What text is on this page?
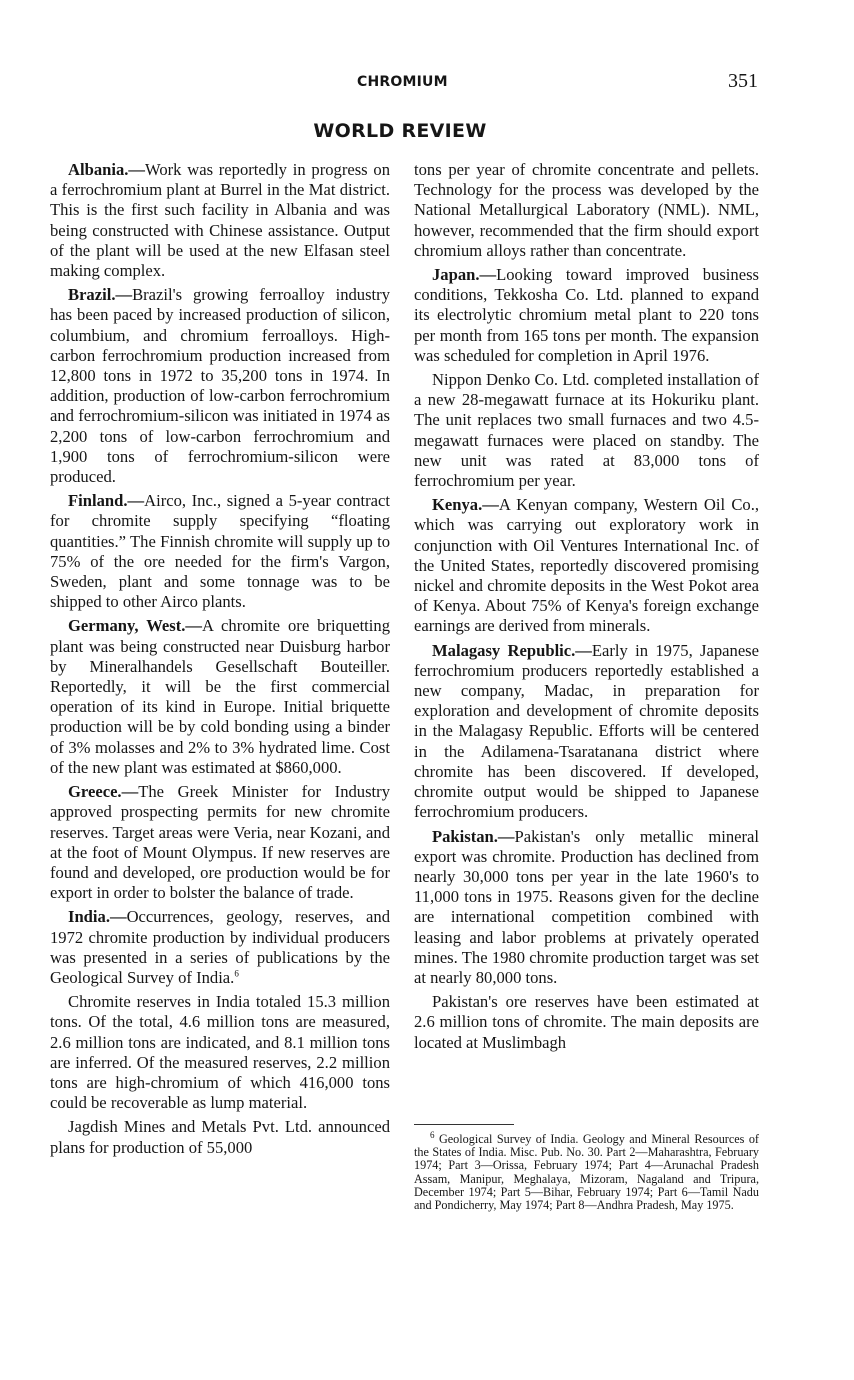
CHROMIUM	351
WORLD REVIEW

Albania.—Work was reportedly in progress on a ferrochromium plant at Burrel in the Mat district. This is the first such facility in Albania and was being constructed with Chinese assistance. Output of the plant will be used at the new Elfasan steel making complex.

Brazil.—Brazil's growing ferroalloy industry has been paced by increased production of silicon, columbium, and chromium ferroalloys. High-carbon ferrochromium production increased from 12,800 tons in 1972 to 35,200 tons in 1974. In addition, production of low-carbon ferrochromium and ferrochromium-silicon was initiated in 1974 as 2,200 tons of low-carbon ferrochromium and 1,900 tons of ferrochromium-silicon were produced.

Finland.—Airco, Inc., signed a 5-year contract for chromite supply specifying “floating quantities.” The Finnish chromite will supply up to 75% of the ore needed for the firm's Vargon, Sweden, plant and some tonnage was to be shipped to other Airco plants.

Germany, West.—A chromite ore briquetting plant was being constructed near Duisburg harbor by Mineralhandels Gesellschaft Bouteiller. Reportedly, it will be the first commercial operation of its kind in Europe. Initial briquette production will be by cold bonding using a binder of 3% molasses and 2% to 3% hydrated lime. Cost of the new plant was estimated at $860,000.

Greece.—The Greek Minister for Industry approved prospecting permits for new chromite reserves. Target areas were Veria, near Kozani, and at the foot of Mount Olympus. If new reserves are found and developed, ore production would be for export in order to bolster the balance of trade.

India.—Occurrences, geology, reserves, and 1972 chromite production by individual producers was presented in a series of publications by the Geological Survey of India.$^6$

Chromite reserves in India totaled 15.3 million tons. Of the total, 4.6 million tons are measured, 2.6 million tons are indicated, and 8.1 million tons are inferred. Of the measured reserves, 2.2 million tons are high-chromium of which 416,000 tons could be recoverable as lump material.

Jagdish Mines and Metals Pvt. Ltd. announced plans for production of 55,000

tons per year of chromite concentrate and pellets. Technology for the process was developed by the National Metallurgical Laboratory (NML). NML, however, recommended that the firm should export chromium alloys rather than concentrate.

Japan.—Looking toward improved business conditions, Tekkosha Co. Ltd. planned to expand its electrolytic chromium metal plant to 220 tons per month from 165 tons per month. The expansion was scheduled for completion in April 1976.

Nippon Denko Co. Ltd. completed installation of a new 28-megawatt furnace at its Hokuriku plant. The unit replaces two small furnaces and two 4.5-megawatt furnaces were placed on standby. The new unit was rated at 83,000 tons of ferrochromium per year.

Kenya.—A Kenyan company, Western Oil Co., which was carrying out exploratory work in conjunction with Oil Ventures International Inc. of the United States, reportedly discovered promising nickel and chromite deposits in the West Pokot area of Kenya. About 75% of Kenya's foreign exchange earnings are derived from minerals.

Malagasy Republic.—Early in 1975, Japanese ferrochromium producers reportedly established a new company, Madac, in preparation for exploration and development of chromite deposits in the Malagasy Republic. Efforts will be centered in the Adilamena-Tsaratanana district where chromite has been discovered. If developed, chromite output would be shipped to Japanese ferrochromium producers.

Pakistan.—Pakistan's only metallic mineral export was chromite. Production has declined from nearly 30,000 tons per year in the late 1960's to 11,000 tons in 1975. Reasons given for the decline are international competition combined with leasing and labor problems at privately operated mines. The 1980 chromite production target was set at nearly 80,000 tons.

Pakistan's ore reserves have been estimated at 2.6 million tons of chromite. The main deposits are located at Muslimbagh

$^6$ Geological Survey of India. Geology and Mineral Resources of the States of India. Misc. Pub. No. 30. Part 2—Maharashtra, February 1974; Part 3—Orissa, February 1974; Part 4—Arunachal Pradesh Assam, Manipur, Meghalaya, Mizoram, Nagaland and Tripura, December 1974; Part 5—Bihar, February 1974; Part 6—Tamil Nadu and Pondicherry, May 1974; Part 8—Andhra Pradesh, May 1975.
